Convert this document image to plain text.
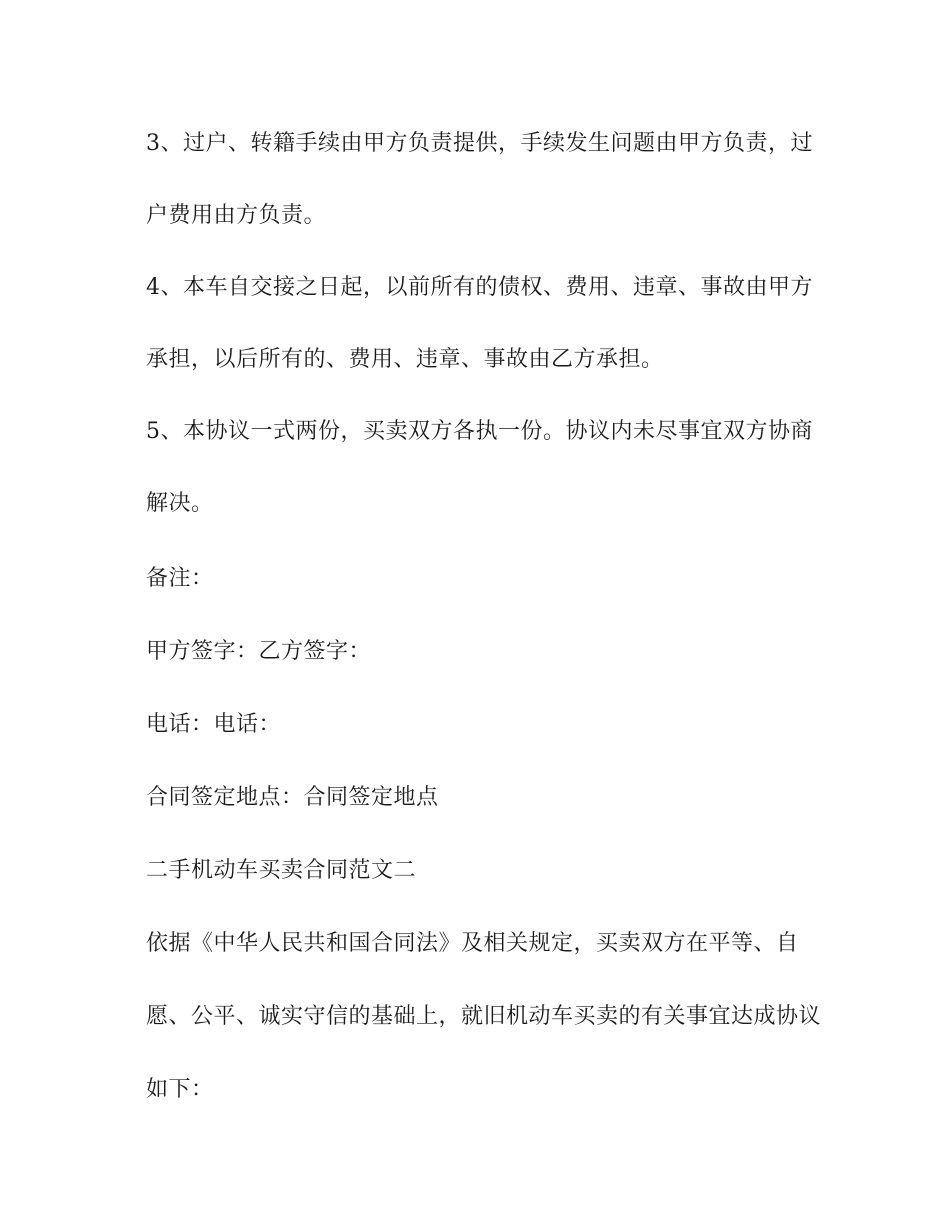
3、过户、转籍手续由甲方负责提供，手续发生问题由甲方负责，过
户费用由方负责。
4、本车自交接之日起，以前所有的债权、费用、违章、事故由甲方
承担，以后所有的、费用、违章、事故由乙方承担。
5、本协议一式两份，买卖双方各执一份。协议内未尽事宜双方协商
解决。
备注：
甲方签字：乙方签字：
电话：电话：
合同签定地点：合同签定地点
二手机动车买卖合同范文二
依据《中华人民共和国合同法》及相关规定，买卖双方在平等、自
愿、公平、诚实守信的基础上，就旧机动车买卖的有关事宜达成协议
如下：
